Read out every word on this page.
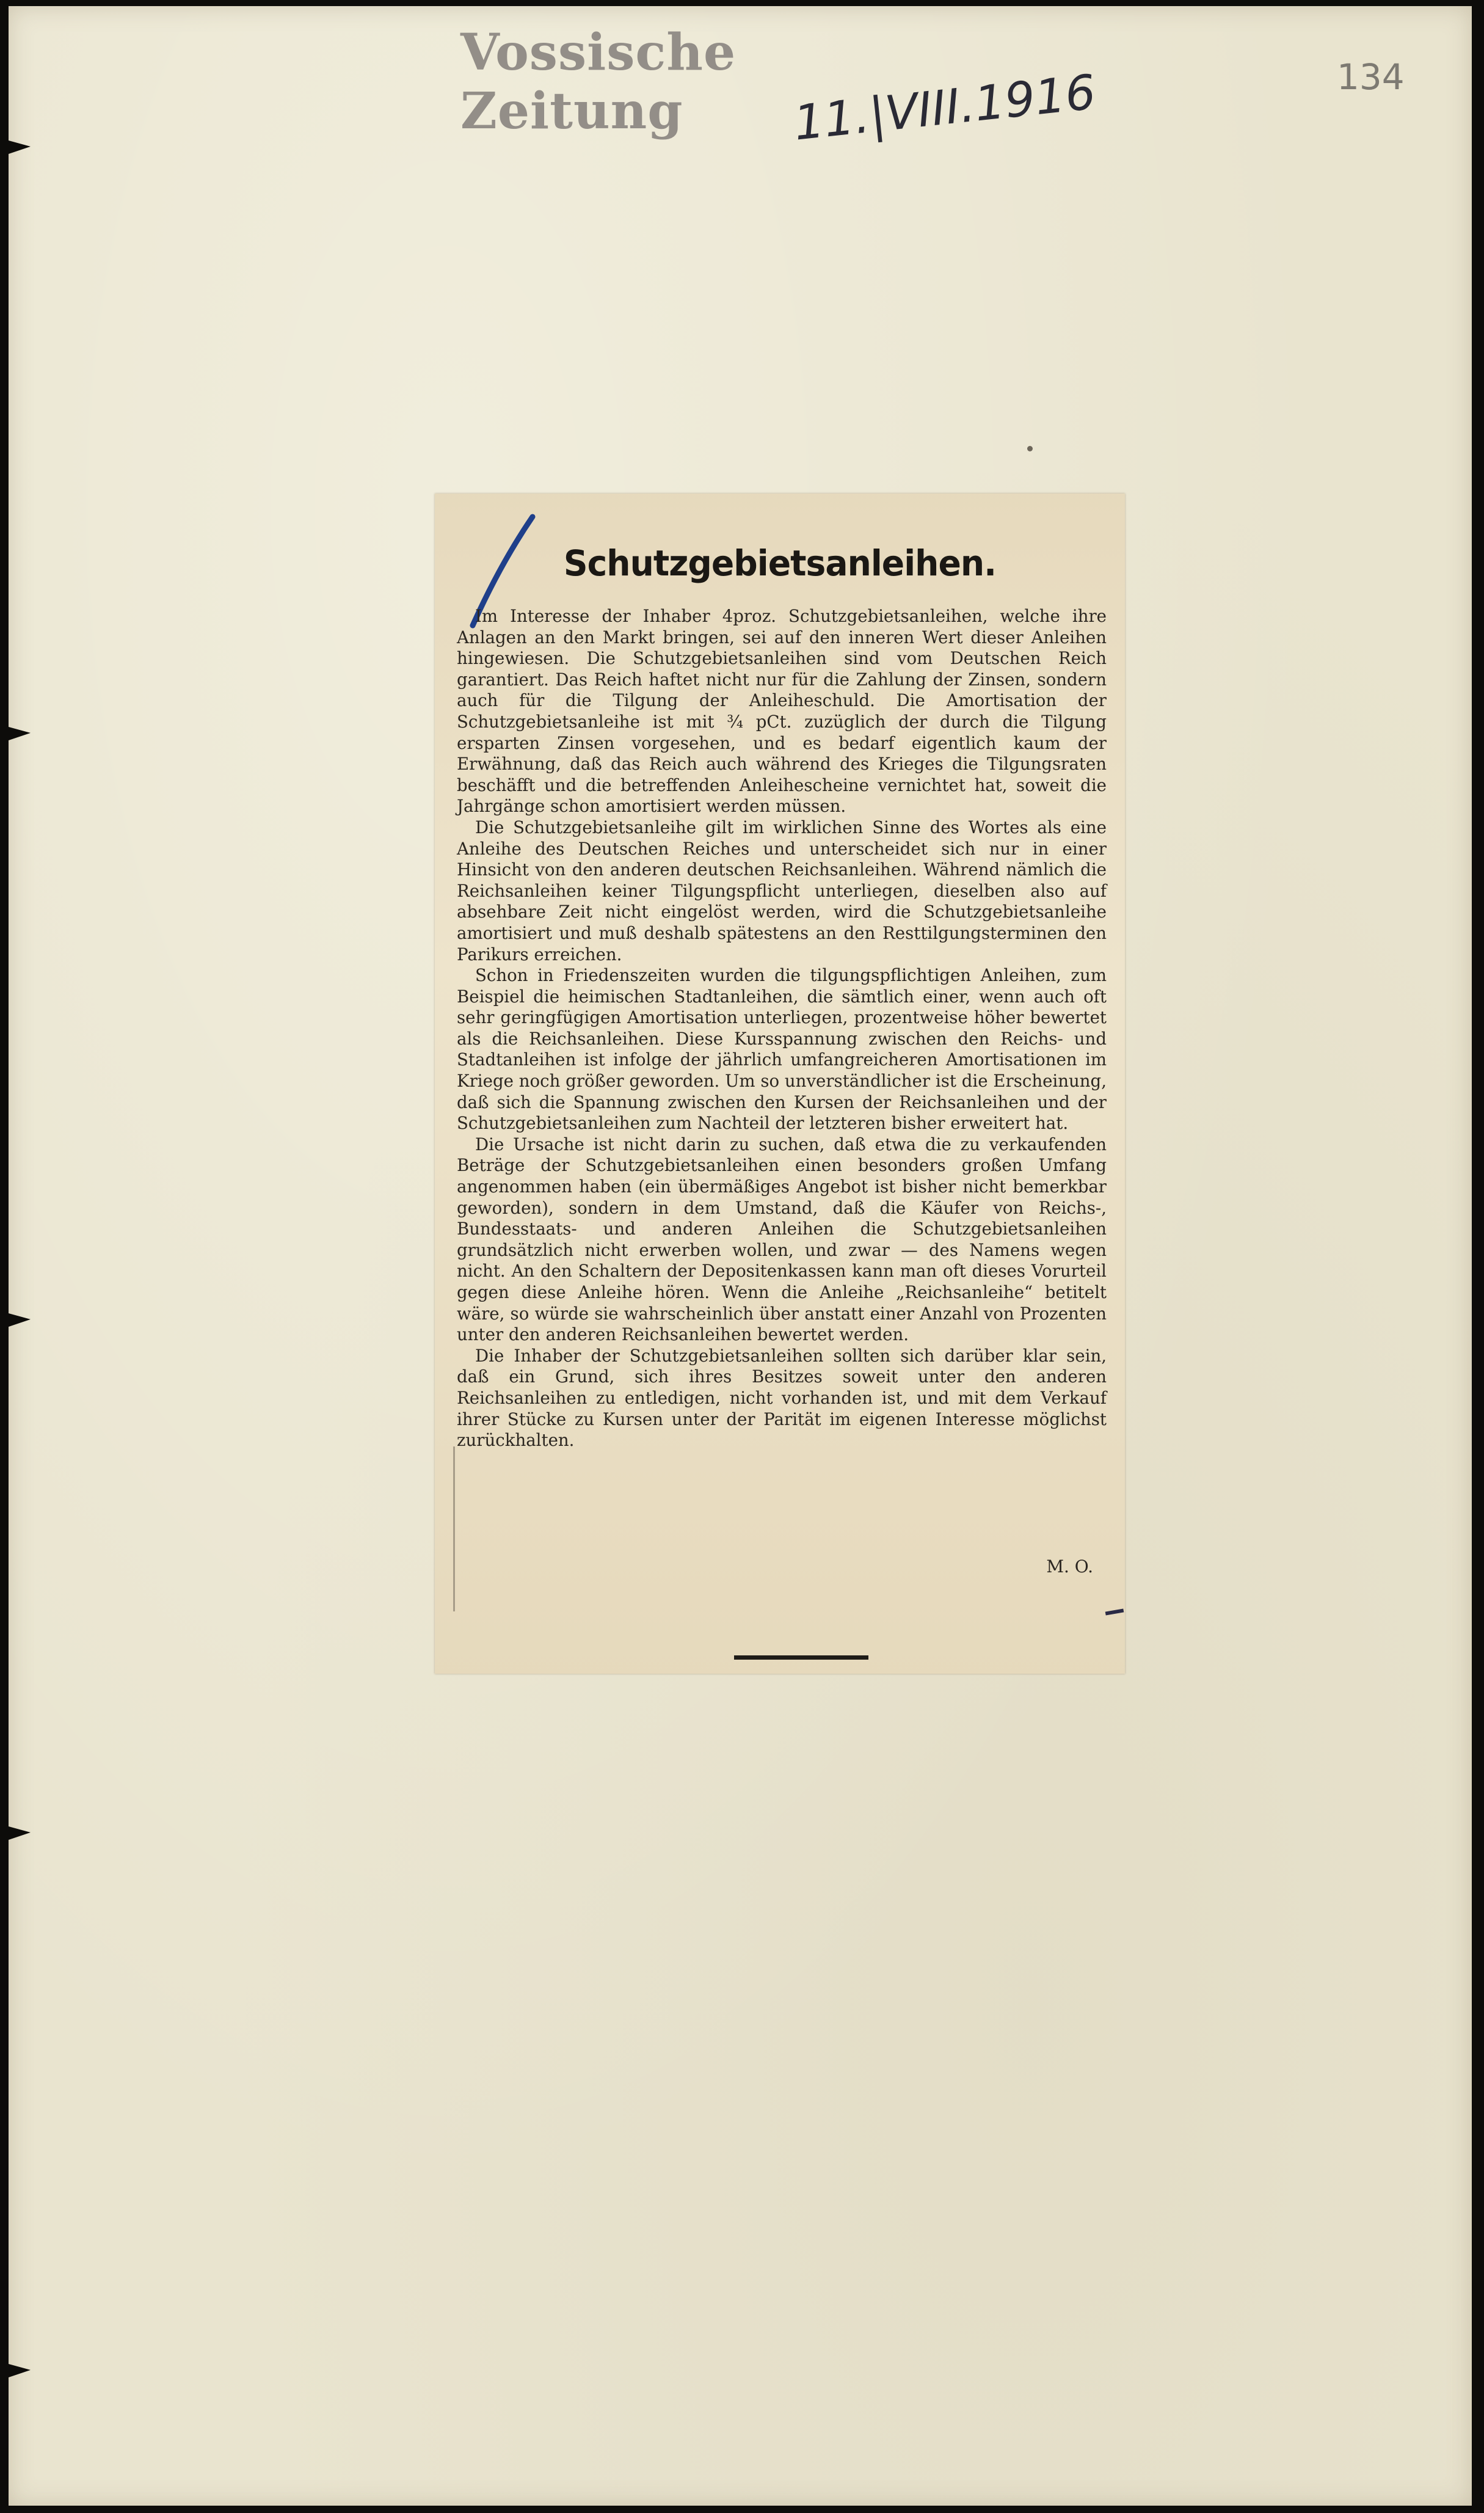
Vossische Zeitung	11.|VIII.1916	134
Schutzgebietsanleihen.

Im Interesse der Inhaber 4proz. Schutzgebietsanleihen, welche ihre Anlagen an den Markt bringen, sei auf den inneren Wert dieser Anleihen hingewiesen. Die Schutzgebietsanleihen sind vom Deutschen Reich garantiert. Das Reich haftet nicht nur für die Zahlung der Zinsen, sondern auch für die Tilgung der Anleiheschuld. Die Amortisation der Schutzgebietsanleihe ist mit ¾ pCt. zuzüglich der durch die Tilgung ersparten Zinsen vorgesehen, und es bedarf eigentlich kaum der Erwähnung, daß das Reich auch während des Krieges die Tilgungsraten beschäfft und die betreffenden Anleihescheine vernichtet hat, soweit die Jahrgänge schon amortisiert werden müssen.

Die Schutzgebietsanleihe gilt im wirklichen Sinne des Wortes als eine Anleihe des Deutschen Reiches und unterscheidet sich nur in einer Hinsicht von den anderen deutschen Reichsanleihen. Während nämlich die Reichsanleihen keiner Tilgungspflicht unterliegen, dieselben also auf absehbare Zeit nicht eingelöst werden, wird die Schutzgebietsanleihe amortisiert und muß deshalb spätestens an den Resttilgungsterminen den Parikurs erreichen.

Schon in Friedenszeiten wurden die tilgungspflichtigen Anleihen, zum Beispiel die heimischen Stadtanleihen, die sämtlich einer, wenn auch oft sehr geringfügigen Amortisation unterliegen, prozentweise höher bewertet als die Reichsanleihen. Diese Kursspannung zwischen den Reichs- und Stadtanleihen ist infolge der jährlich umfangreicheren Amortisationen im Kriege noch größer geworden. Um so unverständlicher ist die Erscheinung, daß sich die Spannung zwischen den Kursen der Reichsanleihen und der Schutzgebietsanleihen zum Nachteil der letzteren bisher erweitert hat.

Die Ursache ist nicht darin zu suchen, daß etwa die zu verkaufenden Beträge der Schutzgebietsanleihen einen besonders großen Umfang angenommen haben (ein übermäßiges Angebot ist bisher nicht bemerkbar geworden), sondern in dem Umstand, daß die Käufer von Reichs-, Bundesstaats- und anderen Anleihen die Schutzgebietsanleihen grundsätzlich nicht erwerben wollen, und zwar — des Namens wegen nicht. An den Schaltern der Depositenkassen kann man oft dieses Vorurteil gegen diese Anleihe hören. Wenn die Anleihe „Reichsanleihe“ betitelt wäre, so würde sie wahrscheinlich über anstatt einer Anzahl von Prozenten unter den anderen Reichsanleihen bewertet werden.

Die Inhaber der Schutzgebietsanleihen sollten sich darüber klar sein, daß ein Grund, sich ihres Besitzes soweit unter den anderen Reichsanleihen zu entledigen, nicht vorhanden ist, und mit dem Verkauf ihrer Stücke zu Kursen unter der Parität im eigenen Interesse möglichst zurückhalten.

M. O.
